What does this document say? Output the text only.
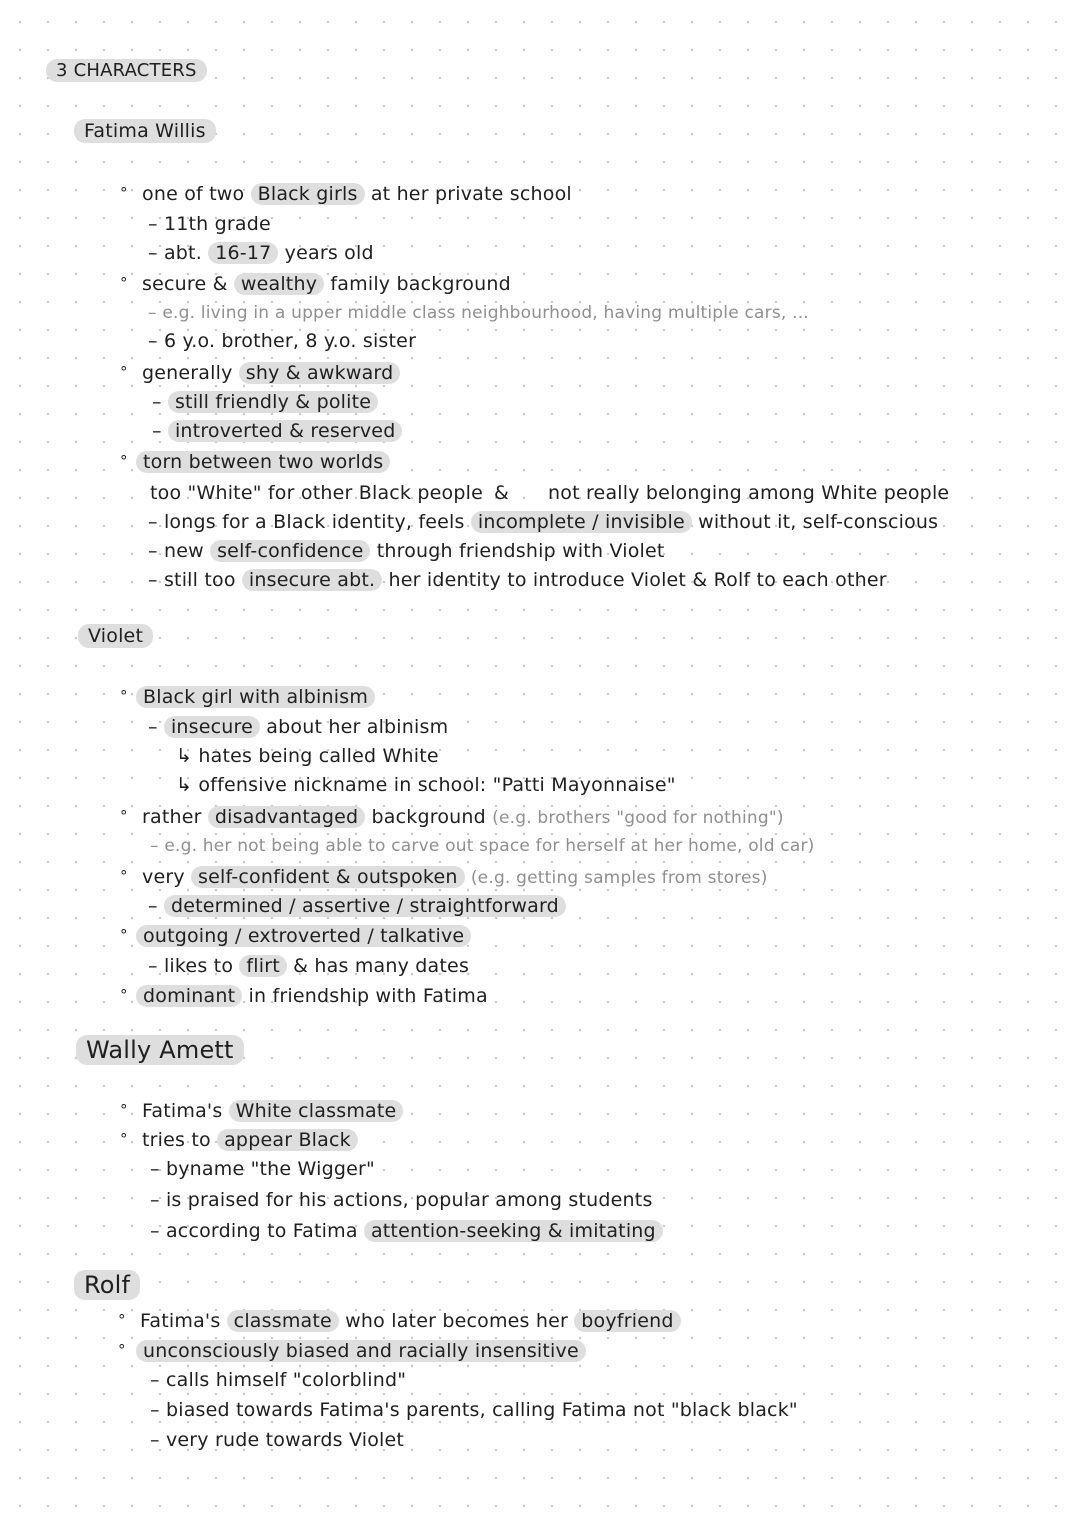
3 CHARACTERS
Fatima Willis
° one of two Black girls at her private school
– 11th grade
– abt. 16-17 years old
° secure & wealthy family background
– e.g. living in a upper middle class neighbourhood, having multiple cars, ...
– 6 y.o. brother, 8 y.o. sister
° generally shy & awkward
– still friendly & polite
– introverted & reserved
° torn between two worlds
too "White" for other Black people & not really belonging among White people
– longs for a Black identity, feels incomplete / invisible without it, self-conscious
– new self-confidence through friendship with Violet
– still too insecure abt. her identity to introduce Violet & Rolf to each other
Violet
° Black girl with albinism
– insecure about her albinism
↳ hates being called White
↳ offensive nickname in school: "Patti Mayonnaise"
° rather disadvantaged background (e.g. brothers "good for nothing")
– e.g. her not being able to carve out space for herself at her home, old car)
° very self-confident & outspoken (e.g. getting samples from stores)
– determined / assertive / straightforward
° outgoing / extroverted / talkative
– likes to flirt & has many dates
° dominant in friendship with Fatima
Wally Amett
° Fatima's White classmate
° tries to appear Black
– byname "the Wigger"
– is praised for his actions, popular among students
– according to Fatima attention-seeking & imitating
Rolf
° Fatima's classmate who later becomes her boyfriend
° unconsciously biased and racially insensitive
– calls himself "colorblind"
– biased towards Fatima's parents, calling Fatima not "black black"
– very rude towards Violet
